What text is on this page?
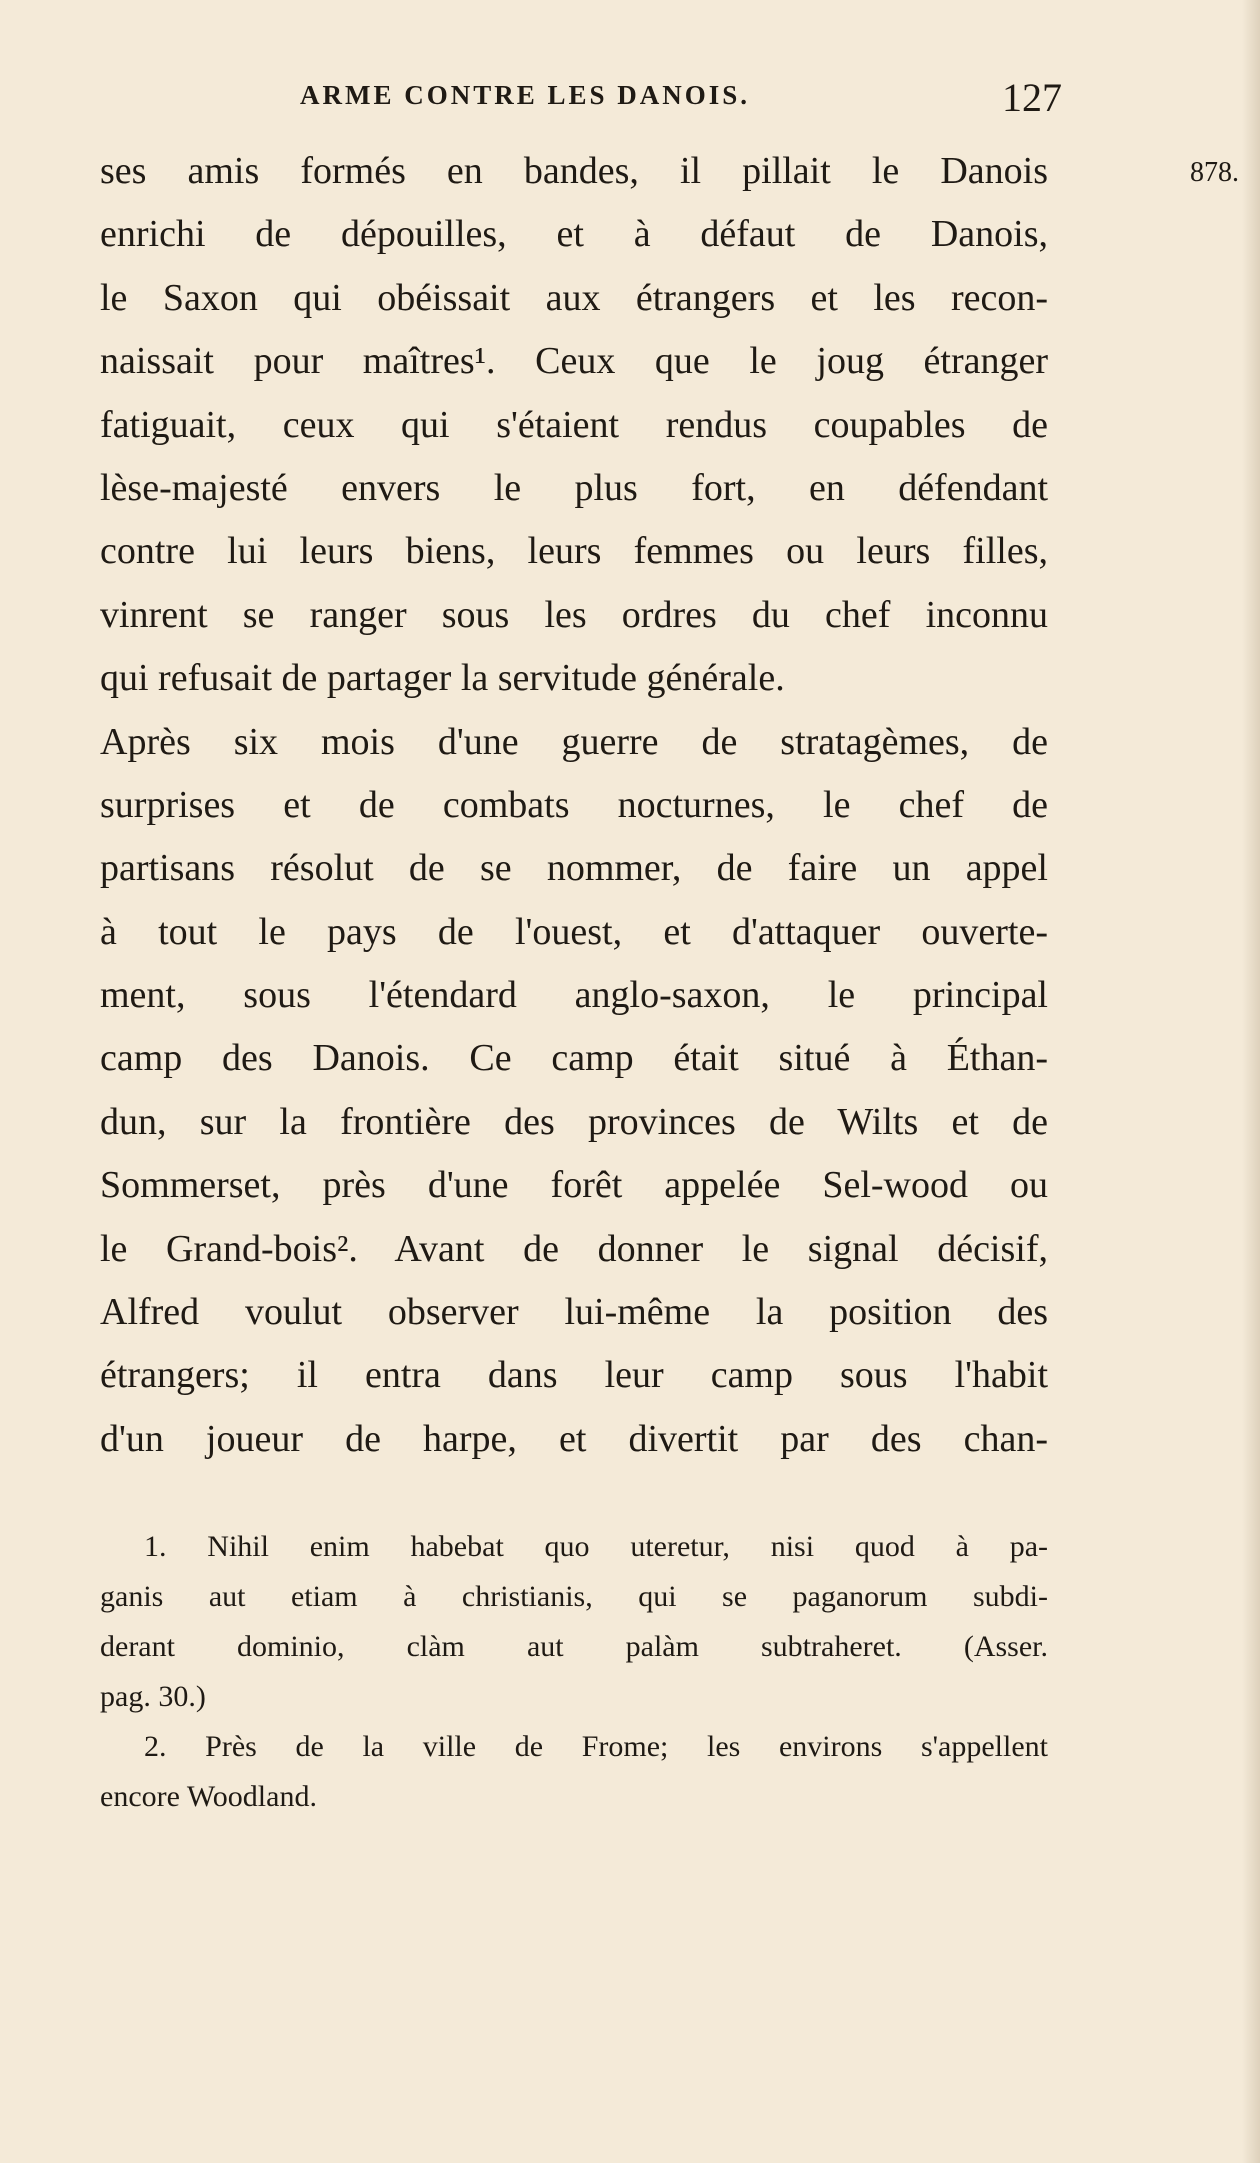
ARME CONTRE LES DANOIS.	127
878.
ses amis formés en bandes, il pillait le Danois
enrichi de dépouilles, et à défaut de Danois,
le Saxon qui obéissait aux étrangers et les recon-
naissait pour maîtres¹. Ceux que le joug étranger
fatiguait, ceux qui s'étaient rendus coupables de
lèse-majesté envers le plus fort, en défendant
contre lui leurs biens, leurs femmes ou leurs filles,
vinrent se ranger sous les ordres du chef inconnu
qui refusait de partager la servitude générale.
Après six mois d'une guerre de stratagèmes, de
surprises et de combats nocturnes, le chef de
partisans résolut de se nommer, de faire un appel
à tout le pays de l'ouest, et d'attaquer ouverte-
ment, sous l'étendard anglo-saxon, le principal
camp des Danois. Ce camp était situé à Éthan-
dun, sur la frontière des provinces de Wilts et de
Sommerset, près d'une forêt appelée Sel-wood ou
le Grand-bois². Avant de donner le signal décisif,
Alfred voulut observer lui-même la position des
étrangers; il entra dans leur camp sous l'habit
d'un joueur de harpe, et divertit par des chan-
1. Nihil enim habebat quo uteretur, nisi quod à pa-
ganis aut etiam à christianis, qui se paganorum subdi-
derant dominio, clàm aut palàm subtraheret. (Asser.
pag. 30.)
2. Près de la ville de Frome; les environs s'appellent
encore Woodland.
